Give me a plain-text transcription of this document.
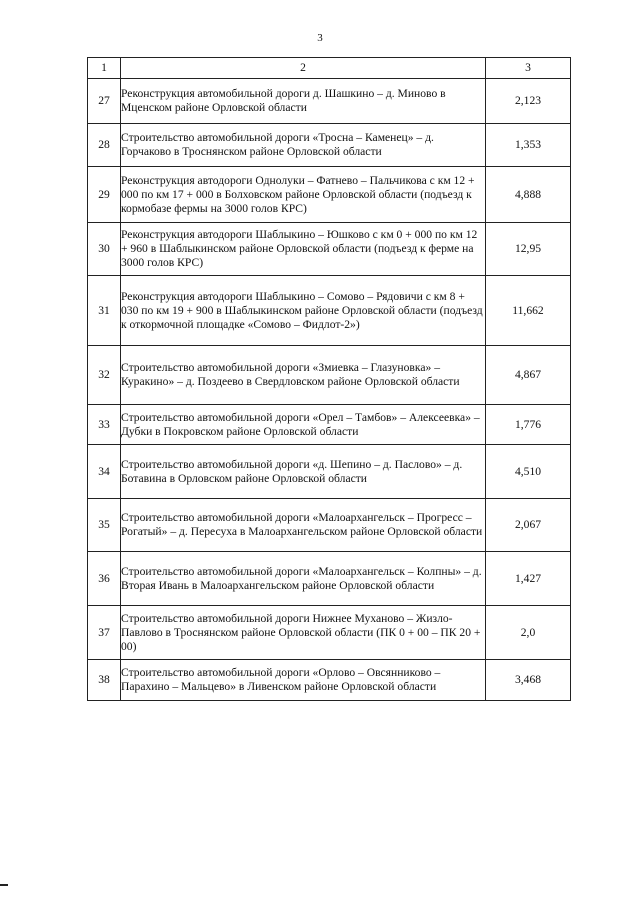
3
1	2	3
27	Реконструкция автомобильной дороги д. Шашкино – д. Миново в Мценском районе Орловской области	2,123
28	Строительство автомобильной дороги «Тросна – Каменец» – д. Горчаково в Троснянском районе Орловской области	1,353
29	Реконструкция автодороги Однолуки – Фатнево – Пальчикова с км 12 + 000 по км 17 + 000 в Болховском районе Орловской области (подъезд к кормобазе фермы на 3000 голов КРС)	4,888
30	Реконструкция автодороги Шаблыкино – Юшково с км 0 + 000 по км 12 + 960 в Шаблыкинском районе Орловской области (подъезд к ферме на 3000 голов КРС)	12,95
31	Реконструкция автодороги Шаблыкино – Сомово – Рядовичи с км 8 + 030 по км 19 + 900 в Шаблыкинском районе Орловской области (подъезд к откормочной площадке «Сомово – Фидлот-2»)	11,662
32	Строительство автомобильной дороги «Змиевка – Глазуновка» – Куракино» – д. Поздеево в Свердловском районе Орловской области	4,867
33	Строительство автомобильной дороги «Орел – Тамбов» – Алексеевка» – Дубки в Покровском районе Орловской области	1,776
34	Строительство автомобильной дороги «д. Шепино – д. Паслово» – д. Ботавина в Орловском районе Орловской области	4,510
35	Строительство автомобильной дороги «Малоархангельск – Прогресс – Рогатый» – д. Пересуха в Малоархангельском районе Орловской области	2,067
36	Строительство автомобильной дороги «Малоархангельск – Колпны» – д. Вторая Ивань в Малоархангельском районе Орловской области	1,427
37	Строительство автомобильной дороги Нижнее Муханово – Жизло-Павлово в Троснянском районе Орловской области (ПК 0 + 00 – ПК 20 + 00)	2,0
38	Строительство автомобильной дороги «Орлово – Овсянниково – Парахино – Мальцево» в Ливенском районе Орловской области	3,468
